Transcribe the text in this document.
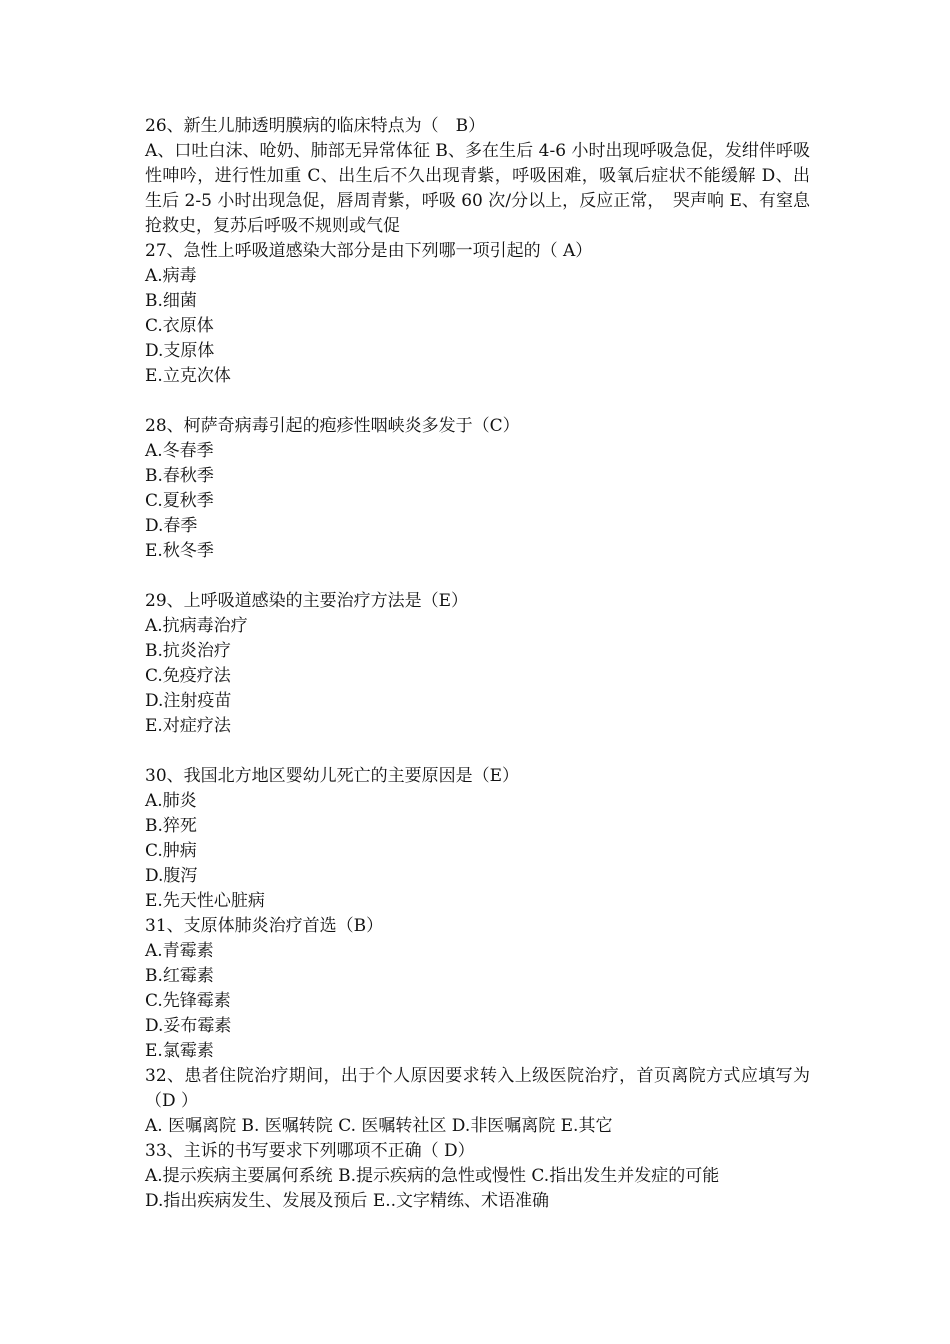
26、新生儿肺透明膜病的临床特点为（　B）

A、口吐白沫、呛奶、肺部无异常体征 B、多在生后 4-6 小时出现呼吸急促，发绀伴呼吸性呻吟，进行性加重 C、出生后不久出现青紫，呼吸困难，吸氧后症状不能缓解 D、出生后 2-5 小时出现急促，唇周青紫，呼吸 60 次/分以上，反应正常，　哭声响 E、有窒息抢救史，复苏后呼吸不规则或气促

27、急性上呼吸道感染大部分是由下列哪一项引起的（ A）

A.病毒

B.细菌

C.衣原体

D.支原体

E.立克次体

28、柯萨奇病毒引起的疱疹性咽峡炎多发于（C）

A.冬春季

B.春秋季

C.夏秋季

D.春季

E.秋冬季

29、上呼吸道感染的主要治疗方法是（E）

A.抗病毒治疗

B.抗炎治疗

C.免疫疗法

D.注射疫苗

E.对症疗法

30、我国北方地区婴幼儿死亡的主要原因是（E）

A.肺炎

B.猝死

C.肿病

D.腹泻

E.先天性心脏病

31、支原体肺炎治疗首选（B）

A.青霉素

B.红霉素

C.先锋霉素

D.妥布霉素

E.氯霉素

32、患者住院治疗期间，出于个人原因要求转入上级医院治疗，首页离院方式应填写为（D ）

A. 医嘱离院 B. 医嘱转院 C. 医嘱转社区 D.非医嘱离院 E.其它

33、主诉的书写要求下列哪项不正确（ D）

A.提示疾病主要属何系统 B.提示疾病的急性或慢性 C.指出发生并发症的可能

D.指出疾病发生、发展及预后 E..文字精练、术语准确
